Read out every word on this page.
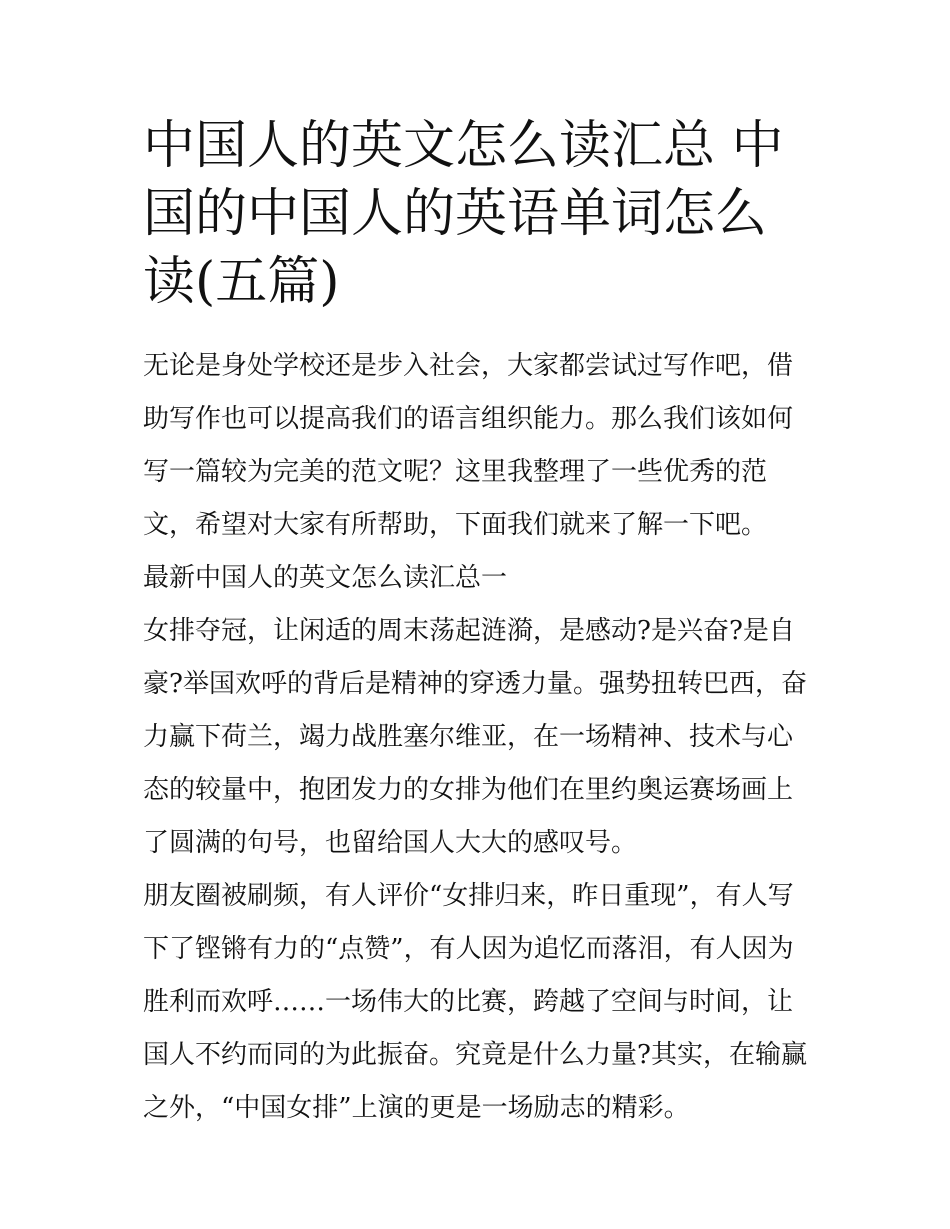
中国人的英文怎么读汇总 中国的中国人的英语单词怎么读(五篇)

无论是身处学校还是步入社会，大家都尝试过写作吧，借助写作也可以提高我们的语言组织能力。那么我们该如何写一篇较为完美的范文呢？这里我整理了一些优秀的范文，希望对大家有所帮助，下面我们就来了解一下吧。

最新中国人的英文怎么读汇总一

女排夺冠，让闲适的周末荡起涟漪，是感动?是兴奋?是自豪?举国欢呼的背后是精神的穿透力量。强势扭转巴西，奋力赢下荷兰，竭力战胜塞尔维亚，在一场精神、技术与心态的较量中，抱团发力的女排为他们在里约奥运赛场画上了圆满的句号，也留给国人大大的感叹号。

朋友圈被刷频，有人评价“女排归来，昨日重现”，有人写下了铿锵有力的“点赞”，有人因为追忆而落泪，有人因为胜利而欢呼……一场伟大的比赛，跨越了空间与时间，让国人不约而同的为此振奋。究竟是什么力量?其实，在输赢之外，“中国女排”上演的更是一场励志的精彩。
